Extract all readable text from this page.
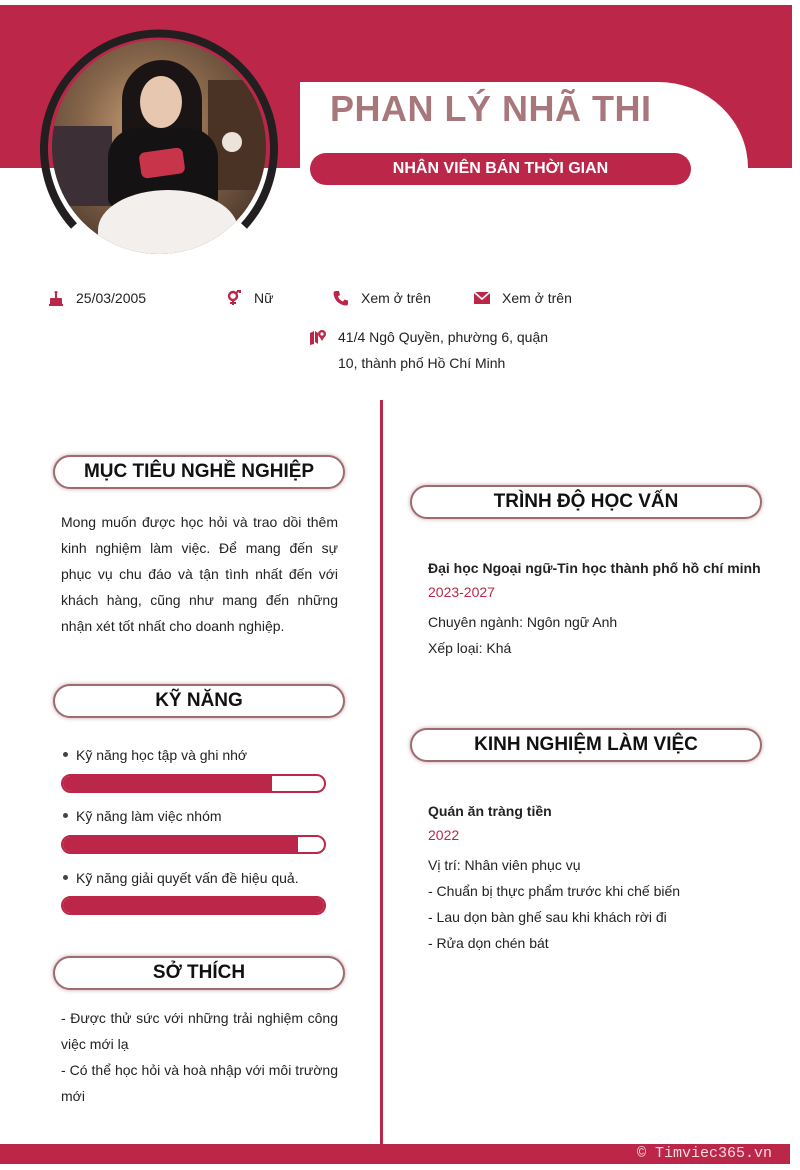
PHAN LÝ NHÃ THI
NHÂN VIÊN BÁN THỜI GIAN
25/03/2005	Nữ	Xem ở trên	Xem ở trên
41/4 Ngô Quyền, phường 6, quận
10, thành phố Hồ Chí Minh
MỤC TIÊU NGHỀ NGHIỆP
Mong muốn được học hỏi và trao dồi thêm kinh nghiệm làm việc. Để mang đến sự phục vụ chu đáo và tận tình nhất đến với khách hàng, cũng như mang đến những nhận xét tốt nhất cho doanh nghiệp.
KỸ NĂNG
Kỹ năng học tập và ghi nhớ
Kỹ năng làm việc nhóm
Kỹ năng giải quyết vấn đề hiệu quả.
SỞ THÍCH
- Được thử sức với những trải nghiệm công việc mới lạ
- Có thể học hỏi và hoà nhập với môi trường mới
TRÌNH ĐỘ HỌC VẤN
Đại học Ngoại ngữ-Tin học thành phố hồ chí minh
2023-2027
Chuyên ngành: Ngôn ngữ Anh
Xếp loại: Khá
KINH NGHIỆM LÀM VIỆC
Quán ăn tràng tiền
2022
Vị trí: Nhân viên phục vụ
- Chuẩn bị thực phẩm trước khi chế biến
- Lau dọn bàn ghế sau khi khách rời đi
- Rửa dọn chén bát
© Timviec365.vn
